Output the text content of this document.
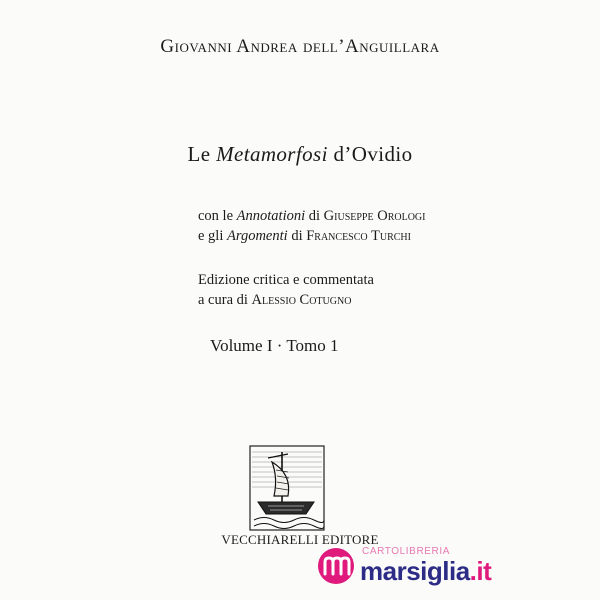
Giovanni Andrea dell’Anguillara
Le Metamorfosi d’Ovidio
con le Annotationi di Giuseppe Orologi
e gli Argomenti di Francesco Turchi
Edizione critica e commentata
a cura di Alessio Cotugno
Volume I · Tomo 1
VECCHIARELLI EDITORE
CARTOLIBRERIA
marsiglia.it
